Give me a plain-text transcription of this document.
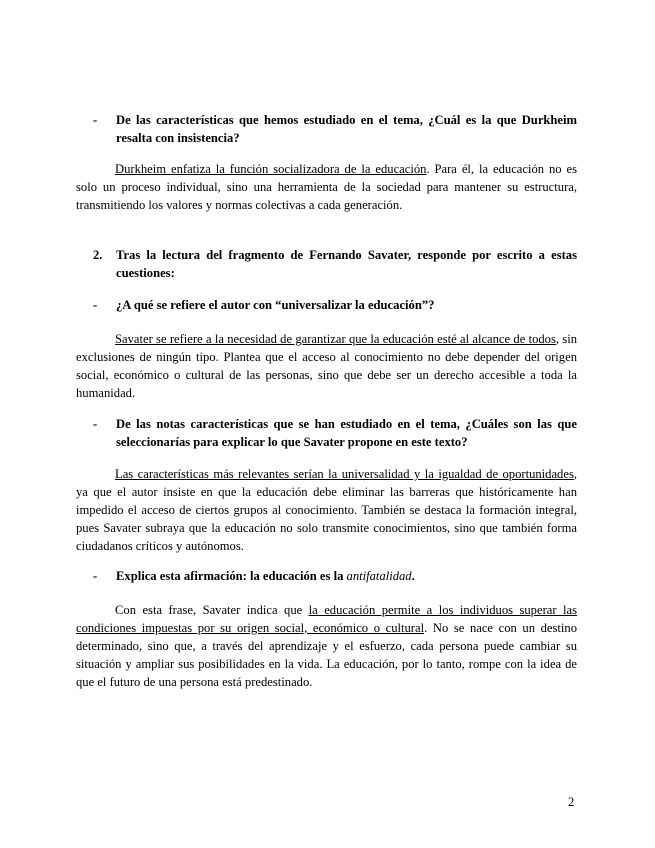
- De las características que hemos estudiado en el tema, ¿Cuál es la que Durkheim resalta con insistencia?
Durkheim enfatiza la función socializadora de la educación. Para él, la educación no es solo un proceso individual, sino una herramienta de la sociedad para mantener su estructura, transmitiendo los valores y normas colectivas a cada generación.
2. Tras la lectura del fragmento de Fernando Savater, responde por escrito a estas cuestiones:
- ¿A qué se refiere el autor con “universalizar la educación”?
Savater se refiere a la necesidad de garantizar que la educación esté al alcance de todos, sin exclusiones de ningún tipo. Plantea que el acceso al conocimiento no debe depender del origen social, económico o cultural de las personas, sino que debe ser un derecho accesible a toda la humanidad.
- De las notas características que se han estudiado en el tema, ¿Cuáles son las que seleccionarías para explicar lo que Savater propone en este texto?
Las características más relevantes serían la universalidad y la igualdad de oportunidades, ya que el autor insiste en que la educación debe eliminar las barreras que históricamente han impedido el acceso de ciertos grupos al conocimiento. También se destaca la formación integral, pues Savater subraya que la educación no solo transmite conocimientos, sino que también forma ciudadanos críticos y autónomos.
- Explica esta afirmación: la educación es la antifatalidad.
Con esta frase, Savater indica que la educación permite a los individuos superar las condiciones impuestas por su origen social, económico o cultural. No se nace con un destino determinado, sino que, a través del aprendizaje y el esfuerzo, cada persona puede cambiar su situación y ampliar sus posibilidades en la vida. La educación, por lo tanto, rompe con la idea de que el futuro de una persona está predestinado.
2
